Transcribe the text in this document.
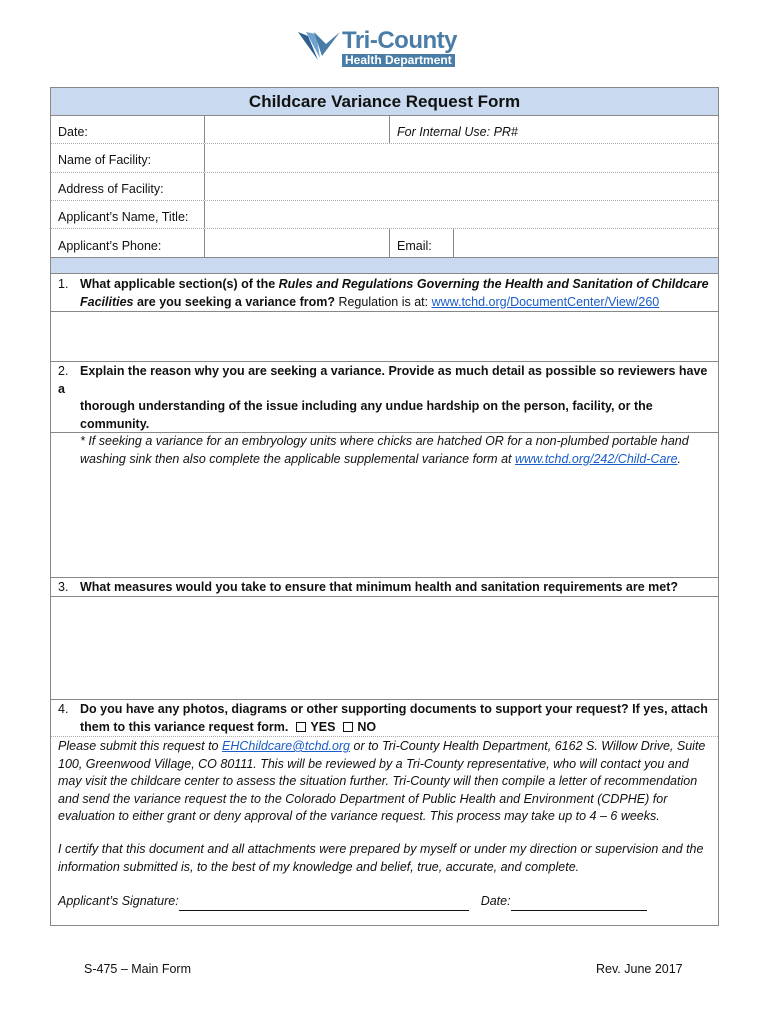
Tri-County
Health Department
Childcare Variance Request Form
Date:	For Internal Use: PR#
Name of Facility:
Address of Facility:
Applicant’s Name, Title:
Applicant’s Phone:	Email:
1. What applicable section(s) of the Rules and Regulations Governing the Health and Sanitation of Childcare
Facilities are you seeking a variance from? Regulation is at: www.tchd.org/DocumentCenter/View/260
2. Explain the reason why you are seeking a variance. Provide as much detail as possible so reviewers have a
thorough understanding of the issue including any undue hardship on the person, facility, or the community.
* If seeking a variance for an embryology units where chicks are hatched OR for a non-plumbed portable hand
washing sink then also complete the applicable supplemental variance form at www.tchd.org/242/Child-Care.
3. What measures would you take to ensure that minimum health and sanitation requirements are met?
4. Do you have any photos, diagrams or other supporting documents to support your request? If yes, attach
them to this variance request form. YES NO
Please submit this request to EHChildcare@tchd.org or to Tri-County Health Department, 6162 S. Willow Drive, Suite 100, Greenwood Village, CO 80111. This will be reviewed by a Tri-County representative, who will contact you and may visit the childcare center to assess the situation further. Tri-County will then compile a letter of recommendation and send the variance request the to the Colorado Department of Public Health and Environment (CDPHE) for evaluation to either grant or deny approval of the variance request. This process may take up to 4 – 6 weeks.
I certify that this document and all attachments were prepared by myself or under my direction or supervision and the information submitted is, to the best of my knowledge and belief, true, accurate, and complete.
Applicant’s Signature:	Date:
S-475 – Main Form	Rev. June 2017
